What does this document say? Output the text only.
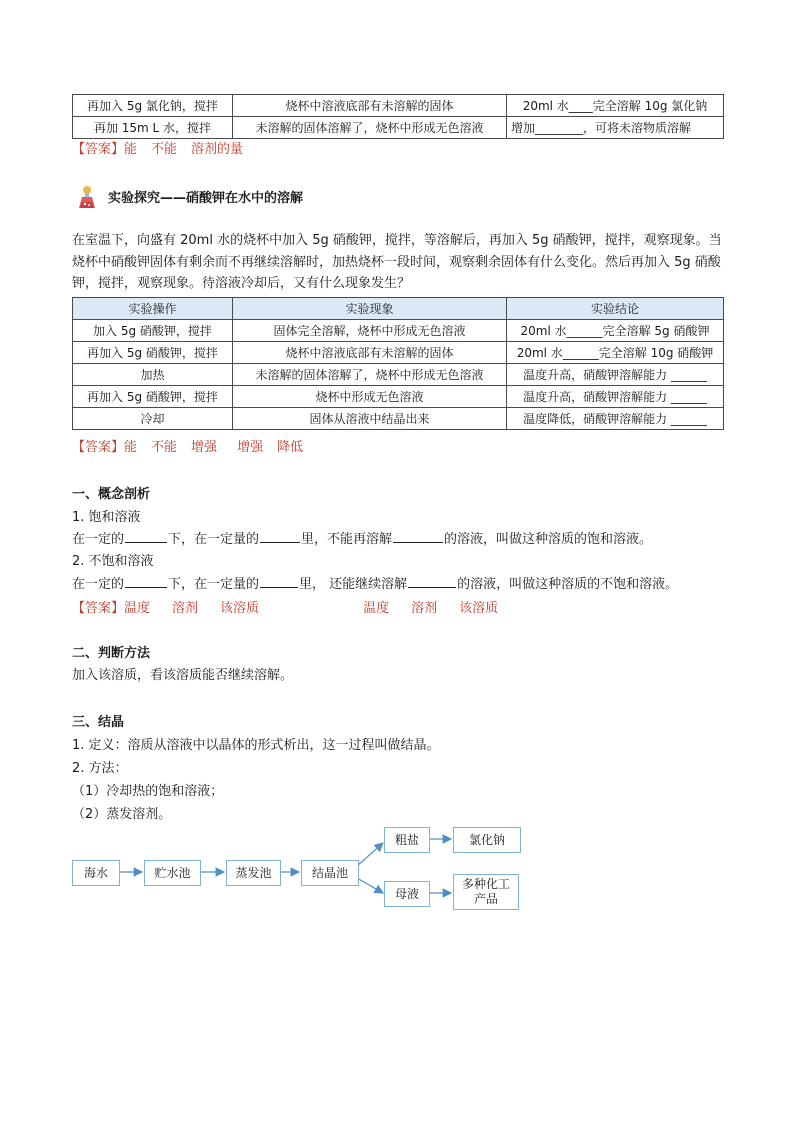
再加入 5g 氯化钠，搅拌	烧杯中溶液底部有未溶解的固体	20ml 水____完全溶解 10g 氯化钠
再加 15m L 水，搅拌	未溶解的固体溶解了，烧杯中形成无色溶液	增加________，可将未溶物质溶解
【答案】能 不能 溶剂的量
实验探究——硝酸钾在水中的溶解
在室温下，向盛有 20ml 水的烧杯中加入 5g 硝酸钾，搅拌，等溶解后，再加入 5g 硝酸钾，搅拌，观察现象。当烧杯中硝酸钾固体有剩余而不再继续溶解时，加热烧杯一段时间，观察剩余固体有什么变化。然后再加入 5g 硝酸钾，搅拌，观察现象。待溶液冷却后，又有什么现象发生？
实验操作	实验现象	实验结论
加入 5g 硝酸钾，搅拌	固体完全溶解，烧杯中形成无色溶液	20ml 水______完全溶解 5g 硝酸钾
再加入 5g 硝酸钾，搅拌	烧杯中溶液底部有未溶解的固体	20ml 水______完全溶解 10g 硝酸钾
加热	未溶解的固体溶解了，烧杯中形成无色溶液	温度升高，硝酸钾溶解能力 ______
再加入 5g 硝酸钾，搅拌	烧杯中形成无色溶液	温度升高，硝酸钾溶解能力 ______
冷却	固体从溶液中结晶出来	温度降低，硝酸钾溶解能力 ______
【答案】能 不能 增强 增强 降低
一、概念剖析
1. 饱和溶液
在一定的	下，在一定量的	里，不能再溶解	的溶液，叫做这种溶质的饱和溶液。
2. 不饱和溶液
在一定的	下，在一定量的	里， 还能继续溶解	的溶液，叫做这种溶质的不饱和溶液。
【答案】温度 溶剂 该溶质	温度 溶剂 该溶质
二、判断方法
加入该溶质，看该溶质能否继续溶解。
三、结晶
1. 定义：溶质从溶液中以晶体的形式析出，这一过程叫做结晶。
2. 方法：
（1）冷却热的饱和溶液；
（2）蒸发溶剂。
海水	贮水池	蒸发池	结晶池
粗盐	氯化钠
母液
多种化工产品
